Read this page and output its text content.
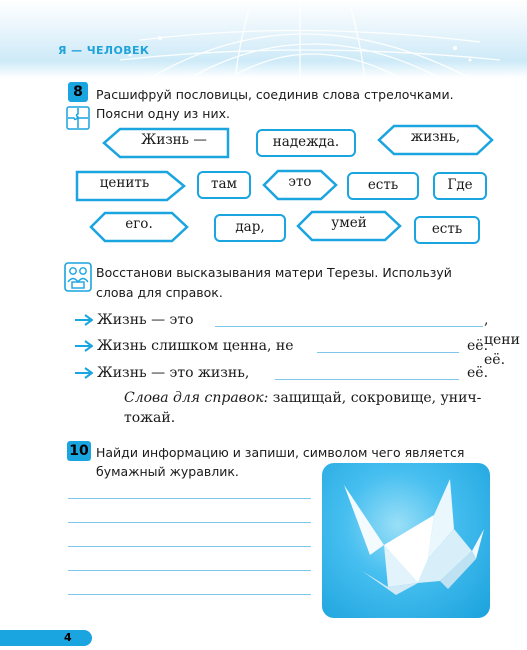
Я — ЧЕЛОВЕК
8	Расшифруй пословицы, соединив слова стрелочками.
Поясни одну из них.
Жизнь —	надежда.	жизнь,
ценить	там	это	есть	Где
его.	дар,	умей	есть
Восстанови высказывания матери Терезы. Используй
слова для справок.
Жизнь — это	, цени её.
Жизнь слишком ценна, не	её.
Жизнь — это жизнь,	её.
Слова для справок: защищай, сокровище, унич-
тожай.
10 Найди информацию и запиши, символом чего является
бумажный журавлик.
4
